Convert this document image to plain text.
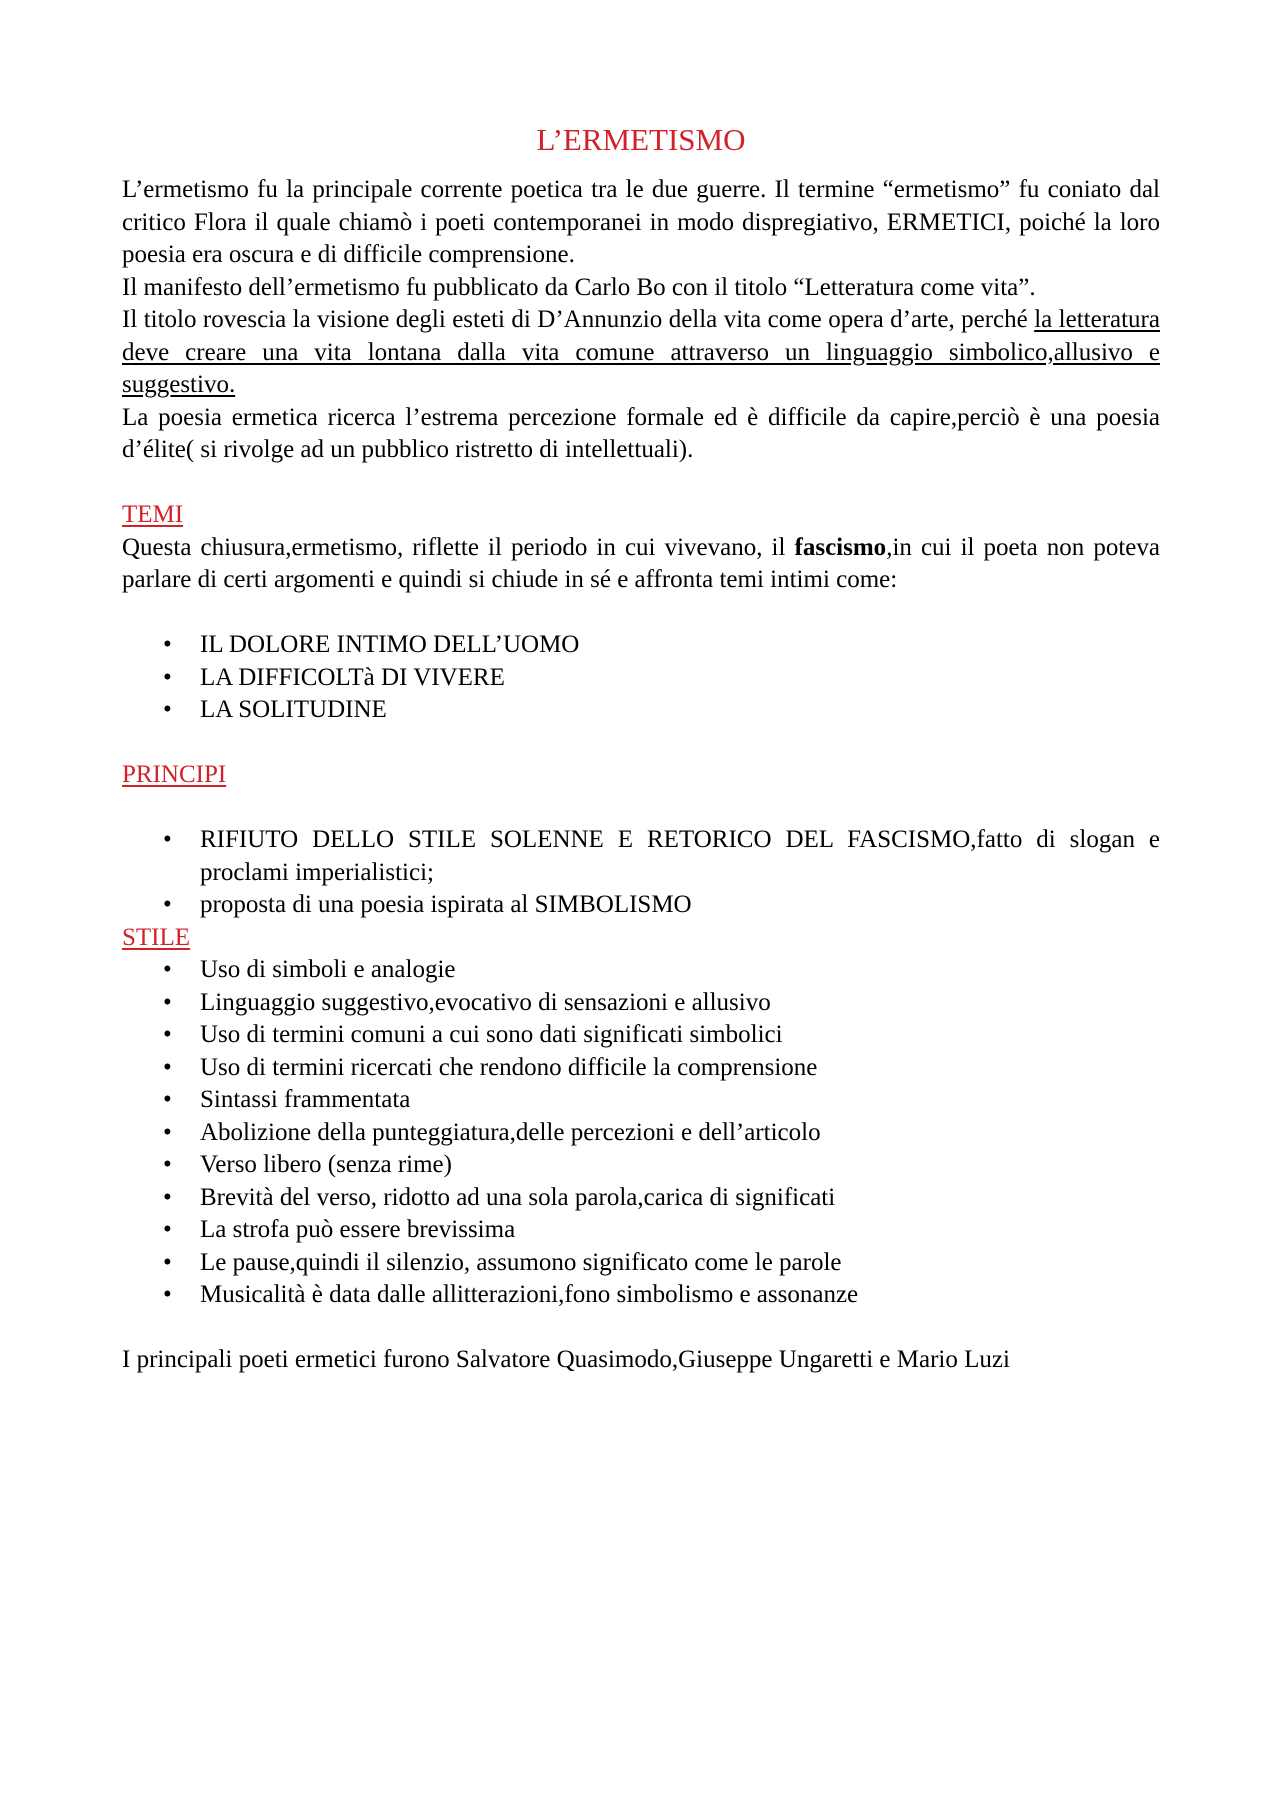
L’ERMETISMO

L’ermetismo fu la principale corrente poetica tra le due guerre. Il termine “ermetismo” fu coniato dal critico Flora il quale chiamò i poeti contemporanei in modo dispregiativo, ERMETICI, poiché la loro poesia era oscura e di difficile comprensione.

Il manifesto dell’ermetismo fu pubblicato da Carlo Bo con il titolo “Letteratura come vita”.

Il titolo rovescia la visione degli esteti di D’Annunzio della vita come opera d’arte, perché la letteratura deve creare una vita lontana dalla vita comune attraverso un linguaggio simbolico,allusivo e suggestivo.

La poesia ermetica ricerca l’estrema percezione formale ed è difficile da capire,perciò è una poesia d’élite( si rivolge ad un pubblico ristretto di intellettuali).

TEMI

Questa chiusura,ermetismo, riflette il periodo in cui vivevano, il fascismo,in cui il poeta non poteva parlare di certi argomenti e quindi si chiude in sé e affronta temi intimi come:

• IL DOLORE INTIMO DELL’UOMO
• LA DIFFICOLTà DI VIVERE
• LA SOLITUDINE
PRINCIPI
• RIFIUTO DELLO STILE SOLENNE E RETORICO DEL FASCISMO,fatto di slogan e proclami imperialistici;
• proposta di una poesia ispirata al SIMBOLISMO
STILE
• Uso di simboli e analogie
• Linguaggio suggestivo,evocativo di sensazioni e allusivo
• Uso di termini comuni a cui sono dati significati simbolici
• Uso di termini ricercati che rendono difficile la comprensione
• Sintassi frammentata
• Abolizione della punteggiatura,delle percezioni e dell’articolo
• Verso libero (senza rime)
• Brevità del verso, ridotto ad una sola parola,carica di significati
• La strofa può essere brevissima
• Le pause,quindi il silenzio, assumono significato come le parole
• Musicalità è data dalle allitterazioni,fono simbolismo e assonanze

I principali poeti ermetici furono Salvatore Quasimodo,Giuseppe Ungaretti e Mario Luzi
